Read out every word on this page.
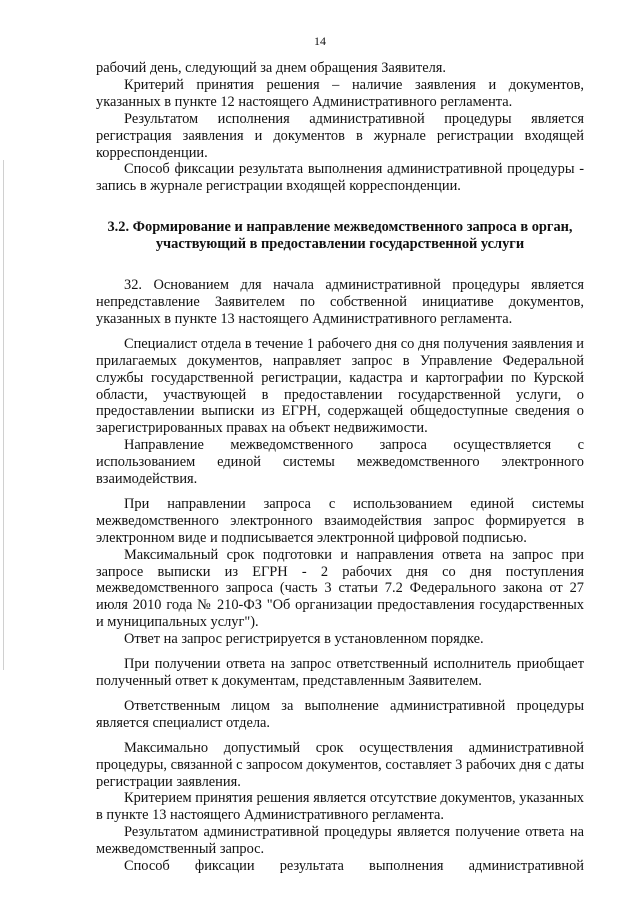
14

рабочий день, следующий за днем обращения Заявителя.

Критерий принятия решения – наличие заявления и документов, указанных в пункте 12 настоящего Административного регламента.

Результатом исполнения административной процедуры является регистрация заявления и документов в журнале регистрации входящей корреспонденции.

Способ фиксации результата выполнения административной процедуры - запись в журнале регистрации входящей корреспонденции.

3.2. Формирование и направление межведомственного запроса в орган, участвующий в предоставлении государственной услуги

32. Основанием для начала административной процедуры является непредставление Заявителем по собственной инициативе документов, указанных в пункте 13 настоящего Административного регламента.

Специалист отдела в течение 1 рабочего дня со дня получения заявления и прилагаемых документов, направляет запрос в Управление Федеральной службы государственной регистрации, кадастра и картографии по Курской области, участвующей в предоставлении государственной услуги, о предоставлении выписки из ЕГРН, содержащей общедоступные сведения о зарегистрированных правах на объект недвижимости.

Направление межведомственного запроса осуществляется с использованием единой системы межведомственного электронного взаимодействия.

При направлении запроса с использованием единой системы межведомственного электронного взаимодействия запрос формируется в электронном виде и подписывается электронной цифровой подписью.

Максимальный срок подготовки и направления ответа на запрос при запросе выписки из ЕГРН - 2 рабочих дня со дня поступления межведомственного запроса (часть 3 статьи 7.2 Федерального закона от 27 июля 2010 года № 210-ФЗ "Об организации предоставления государственных и муниципальных услуг").

Ответ на запрос регистрируется в установленном порядке.

При получении ответа на запрос ответственный исполнитель приобщает полученный ответ к документам, представленным Заявителем.

Ответственным лицом за выполнение административной процедуры является специалист отдела.

Максимально допустимый срок осуществления административной процедуры, связанной с запросом документов, составляет 3 рабочих дня с даты регистрации заявления.

Критерием принятия решения является отсутствие документов, указанных в пункте 13 настоящего Административного регламента.

Результатом административной процедуры является получение ответа на межведомственный запрос.

Способ фиксации результата выполнения административной
